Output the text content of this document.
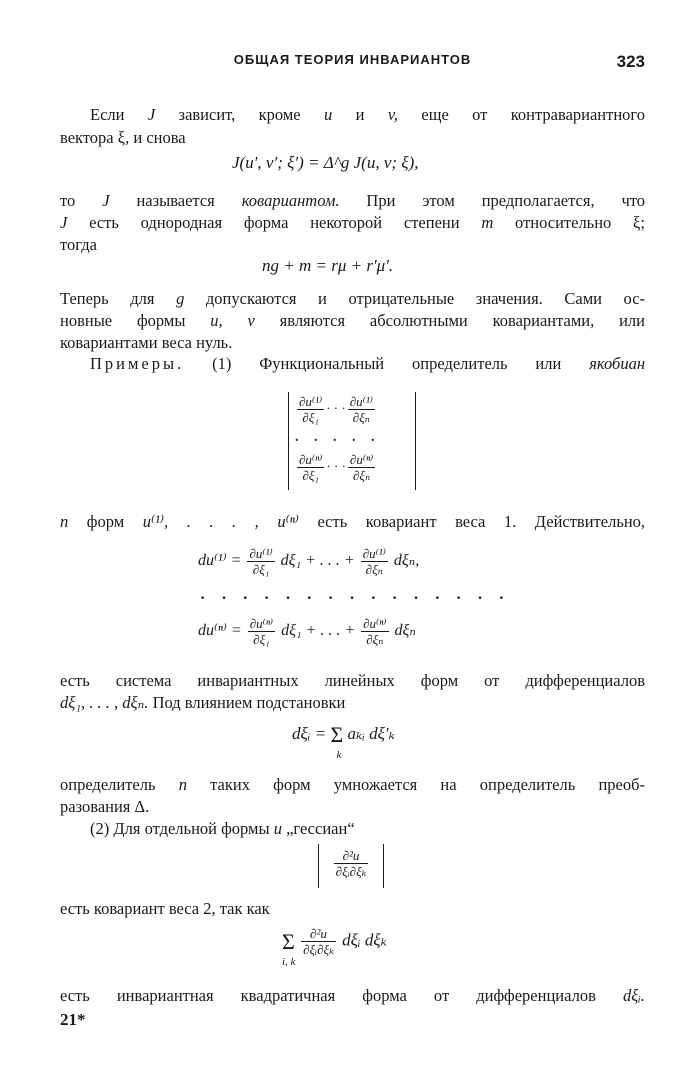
ОБЩАЯ ТЕОРИЯ ИНВАРИАНТОВ	323
Если J зависит, кроме u и v, еще от контравариантного
вектора ξ, и снова
J(u′, v′; ξ′) = Δ^g J(u, v; ξ),
то J называется ковариантом. При этом предполагается, что
J есть однородная форма некоторой степени m относительно ξ;
тогда
ng + m = rμ + r′μ′.
Теперь для g допускаются и отрицательные значения. Сами ос-
новные формы u, v являются абсолютными ковариантами, или
ковариантами веса нуль.
Примеры. (1) Функциональный определитель или якобиан
$\frac{\text{∂u⁽¹⁾}}{\text{∂ξ₁}}$ · · · $\frac{\text{∂u⁽¹⁾}}{\text{∂ξₙ}}$
. . . . .
$\frac{\text{∂u⁽ⁿ⁾}}{\text{∂ξ₁}}$ · · · $\frac{\text{∂u⁽ⁿ⁾}}{\text{∂ξₙ}}$
n форм u⁽¹⁾, . . . , u⁽ⁿ⁾ есть ковариант веса 1. Действительно,
$du^{(1)} = \frac{\text{∂u⁽¹⁾}}{\text{∂ξ₁}} d\xi_1$ + . . . + $\frac{\text{∂u⁽¹⁾}}{\text{∂ξₙ}} d\xi_n$,
· · · · · · · · · · · · · · ·
$du^{(n)} = \frac{\text{∂u⁽ⁿ⁾}}{\text{∂ξ₁}} d\xi_1$ + . . . + $\frac{\text{∂u⁽ⁿ⁾}}{\text{∂ξₙ}}$ dξₙ
есть система инвариантных линейных форм от дифференциалов
dξ₁, . . . , dξₙ. Под влиянием подстановки
dξᵢ = Σ
k
aₖᵢ dξ′ₖ
определитель n таких форм умножается на определитель преоб-
разования Δ.
(2) Для отдельной формы u „гессиан“
$\frac{\text{∂²u}}{\text{∂ξᵢ∂ξₖ}}$
есть ковариант веса 2, так как
Σ
i, k

$\frac{\text{∂²u}}{\text{∂ξᵢ∂ξₖ}}$ dξᵢ dξₖ
есть инвариантная квадратичная форма от дифференциалов dξᵢ.
21*
